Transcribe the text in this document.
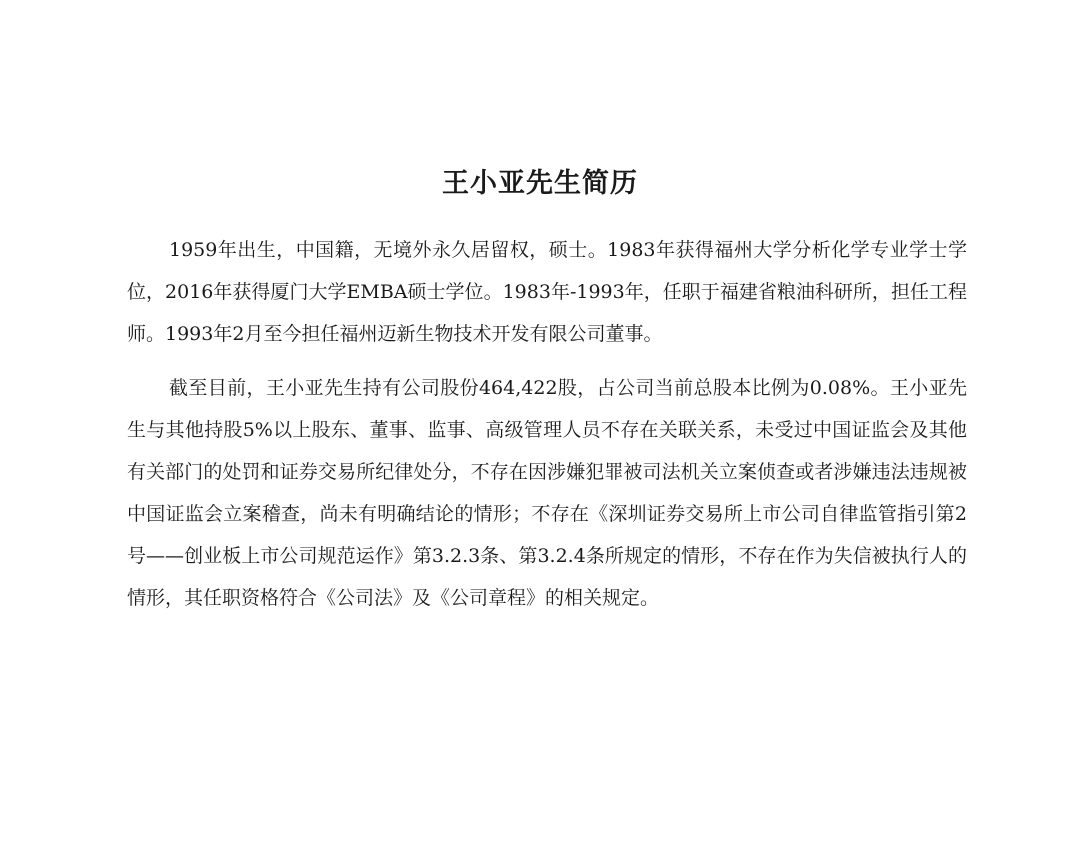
王小亚先生简历

1959年出生，中国籍，无境外永久居留权，硕士。1983年获得福州大学分析化学专业学士学位，2016年获得厦门大学EMBA硕士学位。1983年-1993年，任职于福建省粮油科研所，担任工程师。1993年2月至今担任福州迈新生物技术开发有限公司董事。

截至目前，王小亚先生持有公司股份464,422股，占公司当前总股本比例为0.08%。王小亚先生与其他持股5%以上股东、董事、监事、高级管理人员不存在关联关系，未受过中国证监会及其他有关部门的处罚和证券交易所纪律处分，不存在因涉嫌犯罪被司法机关立案侦查或者涉嫌违法违规被中国证监会立案稽查，尚未有明确结论的情形；不存在《深圳证券交易所上市公司自律监管指引第2号——创业板上市公司规范运作》第3.2.3条、第3.2.4条所规定的情形，不存在作为失信被执行人的情形，其任职资格符合《公司法》及《公司章程》的相关规定。
